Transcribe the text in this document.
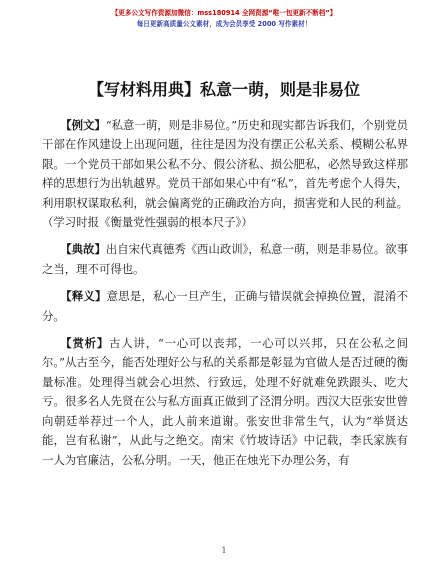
【更多公文写作资源加微信：mss180914 全网资源“唯一包更新不断档”】
每日更新高质量公文素材，成为会员享受 2000 写作素材！
【写材料用典】私意一萌，则是非易位

【例文】“私意一萌，则是非易位。”历史和现实都告诉我们，个别党员干部在作风建设上出现问题，往往是因为没有摆正公私关系、模糊公私界限。一个党员干部如果公私不分、假公济私、损公肥私，必然导致这样那样的思想行为出轨越界。党员干部如果心中有“私”，首先考虑个人得失，利用职权谋取私利，就会偏离党的正确政治方向，损害党和人民的利益。（学习时报《衡量党性强弱的根本尺子》）

【典故】出自宋代真德秀《西山政训》，私意一萌，则是非易位。欲事之当，理不可得也。

【释义】意思是，私心一旦产生，正确与错误就会掉换位置，混淆不分。

【赏析】古人讲，“一心可以丧邦，一心可以兴邦，只在公私之间尔。”从古至今，能否处理好公与私的关系都是彰显为官做人是否过硬的衡量标准。处理得当就会心坦然、行致远，处理不好就难免跌跟头、吃大亏。很多名人先贤在公与私方面真正做到了泾渭分明。西汉大臣张安世曾向朝廷举荐过一个人，此人前来道谢。张安世非常生气，认为“举贤达能，岂有私谢”，从此与之绝交。南宋《竹坡诗话》中记载，李氏家族有一人为官廉洁，公私分明。一天，他正在烛光下办理公务，有

1
